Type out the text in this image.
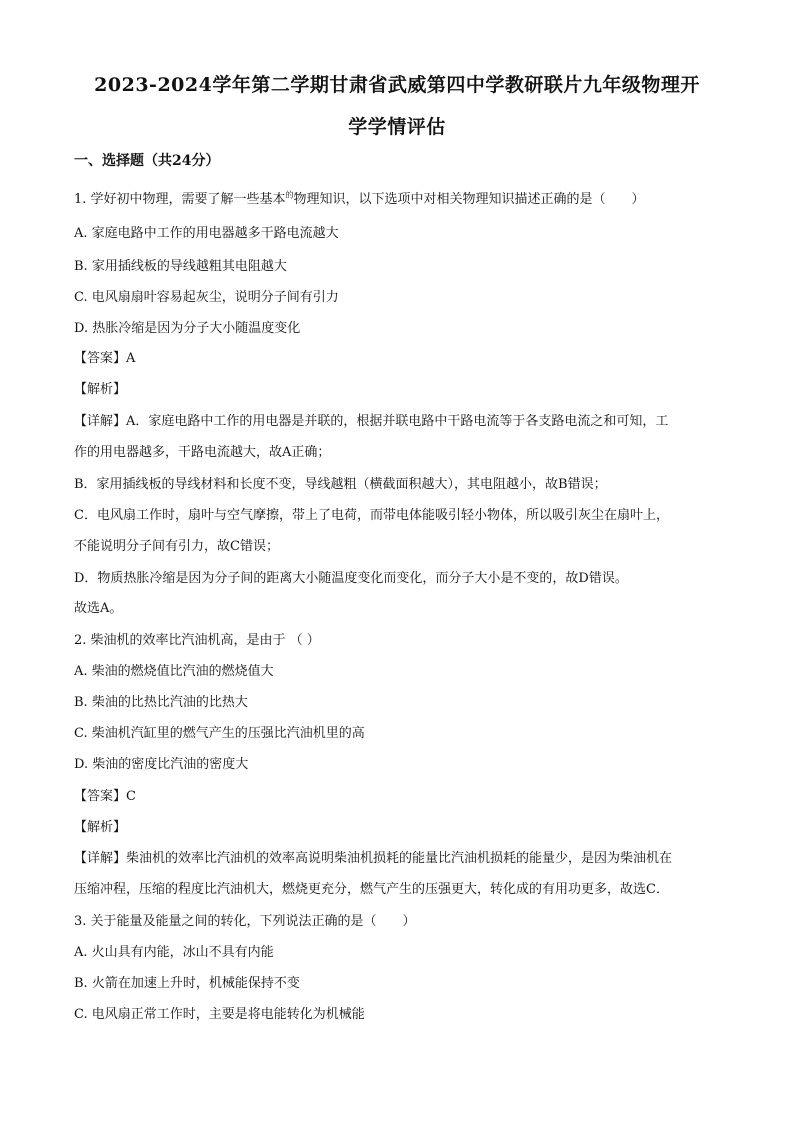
2023-2024学年第二学期甘肃省武威第四中学教研联片九年级物理开
学学情评估
一、选择题（共24分）
1. 学好初中物理，需要了解一些基本$^的$物理知识，以下选项中对相关物理知识描述正确的是（　　）
A. 家庭电路中工作的用电器越多干路电流越大
B. 家用插线板的导线越粗其电阻越大
C. 电风扇扇叶容易起灰尘，说明分子间有引力
D. 热胀冷缩是因为分子大小随温度变化
【答案】A
【解析】
【详解】A．家庭电路中工作的用电器是并联的，根据并联电路中干路电流等于各支路电流之和可知，工
作的用电器越多，干路电流越大，故A正确；
B．家用插线板的导线材料和长度不变，导线越粗（横截面积越大），其电阻越小，故B错误；
C．电风扇工作时，扇叶与空气摩擦，带上了电荷，而带电体能吸引轻小物体，所以吸引灰尘在扇叶上，
不能说明分子间有引力，故C错误；
D．物质热胀冷缩是因为分子间的距离大小随温度变化而变化，而分子大小是不变的，故D错误。
故选A。
2. 柴油机的效率比汽油机高，是由于 （ ）
A. 柴油的燃烧值比汽油的燃烧值大
B. 柴油的比热比汽油的比热大
C. 柴油机汽缸里的燃气产生的压强比汽油机里的高
D. 柴油的密度比汽油的密度大
【答案】C
【解析】
【详解】柴油机的效率比汽油机的效率高说明柴油机损耗的能量比汽油机损耗的能量少，是因为柴油机在
压缩冲程，压缩的程度比汽油机大，燃烧更充分，燃气产生的压强更大，转化成的有用功更多，故选C．
3. 关于能量及能量之间的转化，下列说法正确的是（　　）
A. 火山具有内能，冰山不具有内能
B. 火箭在加速上升时，机械能保持不变
C. 电风扇正常工作时，主要是将电能转化为机械能
